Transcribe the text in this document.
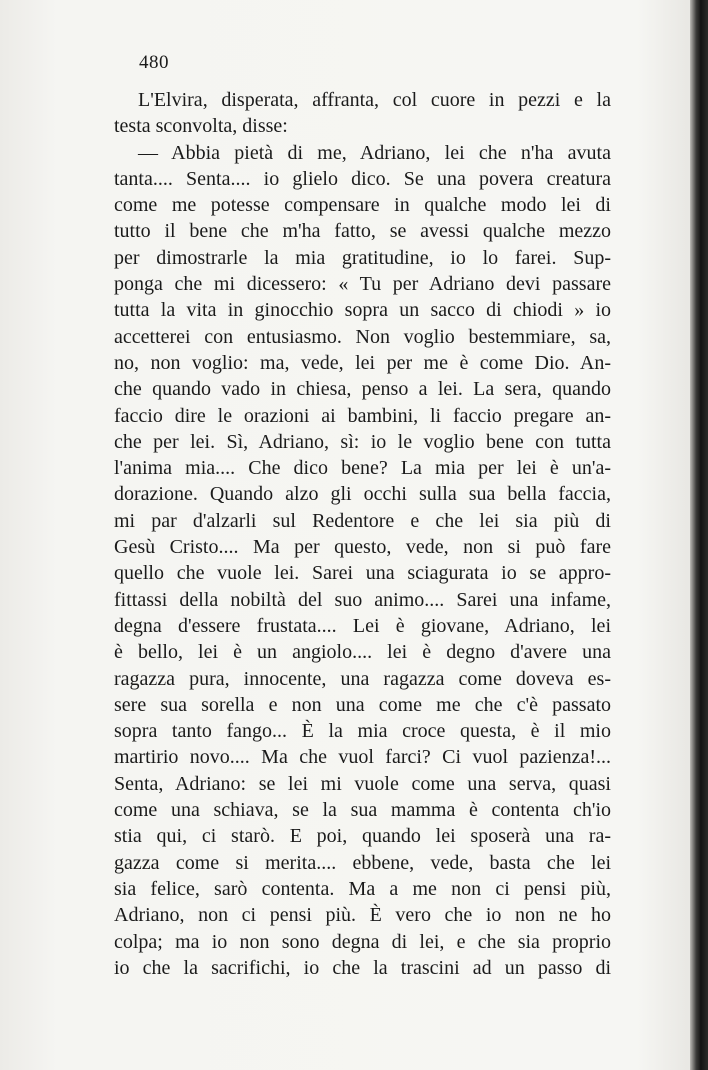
480
L'Elvira, disperata, affranta, col cuore in pezzi e la
testa sconvolta, disse:
— Abbia pietà di me, Adriano, lei che n'ha avuta
tanta.... Senta.... io glielo dico. Se una povera creatura
come me potesse compensare in qualche modo lei di
tutto il bene che m'ha fatto, se avessi qualche mezzo
per dimostrarle la mia gratitudine, io lo farei. Sup-
ponga che mi dicessero: « Tu per Adriano devi passare
tutta la vita in ginocchio sopra un sacco di chiodi » io
accetterei con entusiasmo. Non voglio bestemmiare, sa,
no, non voglio: ma, vede, lei per me è come Dio. An-
che quando vado in chiesa, penso a lei. La sera, quando
faccio dire le orazioni ai bambini, li faccio pregare an-
che per lei. Sì, Adriano, sì: io le voglio bene con tutta
l'anima mia.... Che dico bene? La mia per lei è un'a-
dorazione. Quando alzo gli occhi sulla sua bella faccia,
mi par d'alzarli sul Redentore e che lei sia più di
Gesù Cristo.... Ma per questo, vede, non si può fare
quello che vuole lei. Sarei una sciagurata io se appro-
fittassi della nobiltà del suo animo.... Sarei una infame,
degna d'essere frustata.... Lei è giovane, Adriano, lei
è bello, lei è un angiolo.... lei è degno d'avere una
ragazza pura, innocente, una ragazza come doveva es-
sere sua sorella e non una come me che c'è passato
sopra tanto fango... È la mia croce questa, è il mio
martirio novo.... Ma che vuol farci? Ci vuol pazienza!...
Senta, Adriano: se lei mi vuole come una serva, quasi
come una schiava, se la sua mamma è contenta ch'io
stia qui, ci starò. E poi, quando lei sposerà una ra-
gazza come si merita.... ebbene, vede, basta che lei
sia felice, sarò contenta. Ma a me non ci pensi più,
Adriano, non ci pensi più. È vero che io non ne ho
colpa; ma io non sono degna di lei, e che sia proprio
io che la sacrifichi, io che la trascini ad un passo di
